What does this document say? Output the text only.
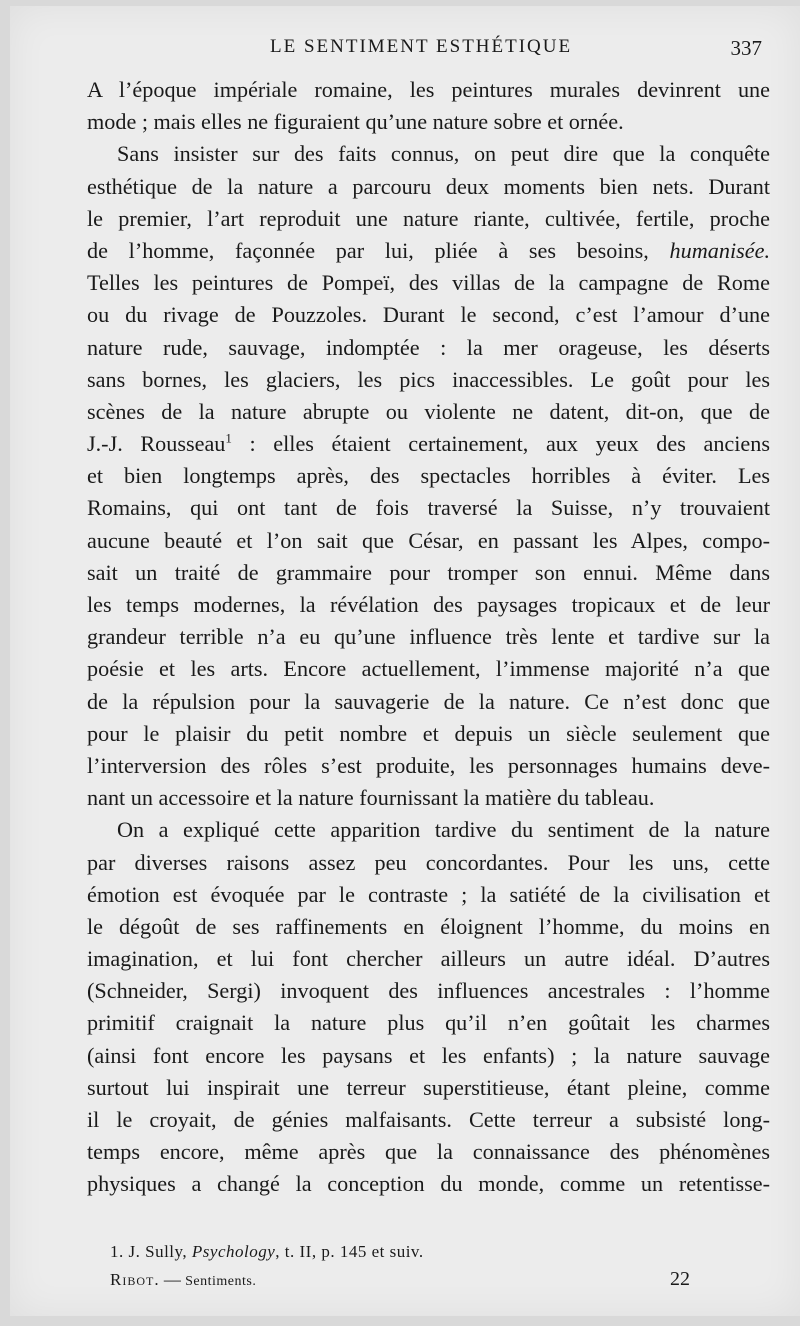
LE SENTIMENT ESTHÉTIQUE	337
A l’époque impériale romaine, les peintures murales devinrent une
mode ; mais elles ne figuraient qu’une nature sobre et ornée.
Sans insister sur des faits connus, on peut dire que la conquête
esthétique de la nature a parcouru deux moments bien nets. Durant
le premier, l’art reproduit une nature riante, cultivée, fertile, proche
de l’homme, façonnée par lui, pliée à ses besoins, humanisée.
Telles les peintures de Pompeï, des villas de la campagne de Rome
ou du rivage de Pouzzoles. Durant le second, c’est l’amour d’une
nature rude, sauvage, indomptée : la mer orageuse, les déserts
sans bornes, les glaciers, les pics inaccessibles. Le goût pour les
scènes de la nature abrupte ou violente ne datent, dit-on, que de
J.-J. Rousseau$^1$ : elles étaient certainement, aux yeux des anciens
et bien longtemps après, des spectacles horribles à éviter. Les
Romains, qui ont tant de fois traversé la Suisse, n’y trouvaient
aucune beauté et l’on sait que César, en passant les Alpes, compo-
sait un traité de grammaire pour tromper son ennui. Même dans
les temps modernes, la révélation des paysages tropicaux et de leur
grandeur terrible n’a eu qu’une influence très lente et tardive sur la
poésie et les arts. Encore actuellement, l’immense majorité n’a que
de la répulsion pour la sauvagerie de la nature. Ce n’est donc que
pour le plaisir du petit nombre et depuis un siècle seulement que
l’interversion des rôles s’est produite, les personnages humains deve-
nant un accessoire et la nature fournissant la matière du tableau.
On a expliqué cette apparition tardive du sentiment de la nature
par diverses raisons assez peu concordantes. Pour les uns, cette
émotion est évoquée par le contraste ; la satiété de la civilisation et
le dégoût de ses raffinements en éloignent l’homme, du moins en
imagination, et lui font chercher ailleurs un autre idéal. D’autres
(Schneider, Sergi) invoquent des influences ancestrales : l’homme
primitif craignait la nature plus qu’il n’en goûtait les charmes
(ainsi font encore les paysans et les enfants) ; la nature sauvage
surtout lui inspirait une terreur superstitieuse, étant pleine, comme
il le croyait, de génies malfaisants. Cette terreur a subsisté long-
temps encore, même après que la connaissance des phénomènes
physiques a changé la conception du monde, comme un retentisse-
1. J. Sully, Psychology, t. II, p. 145 et suiv.
Ribot. — Sentiments.	22
